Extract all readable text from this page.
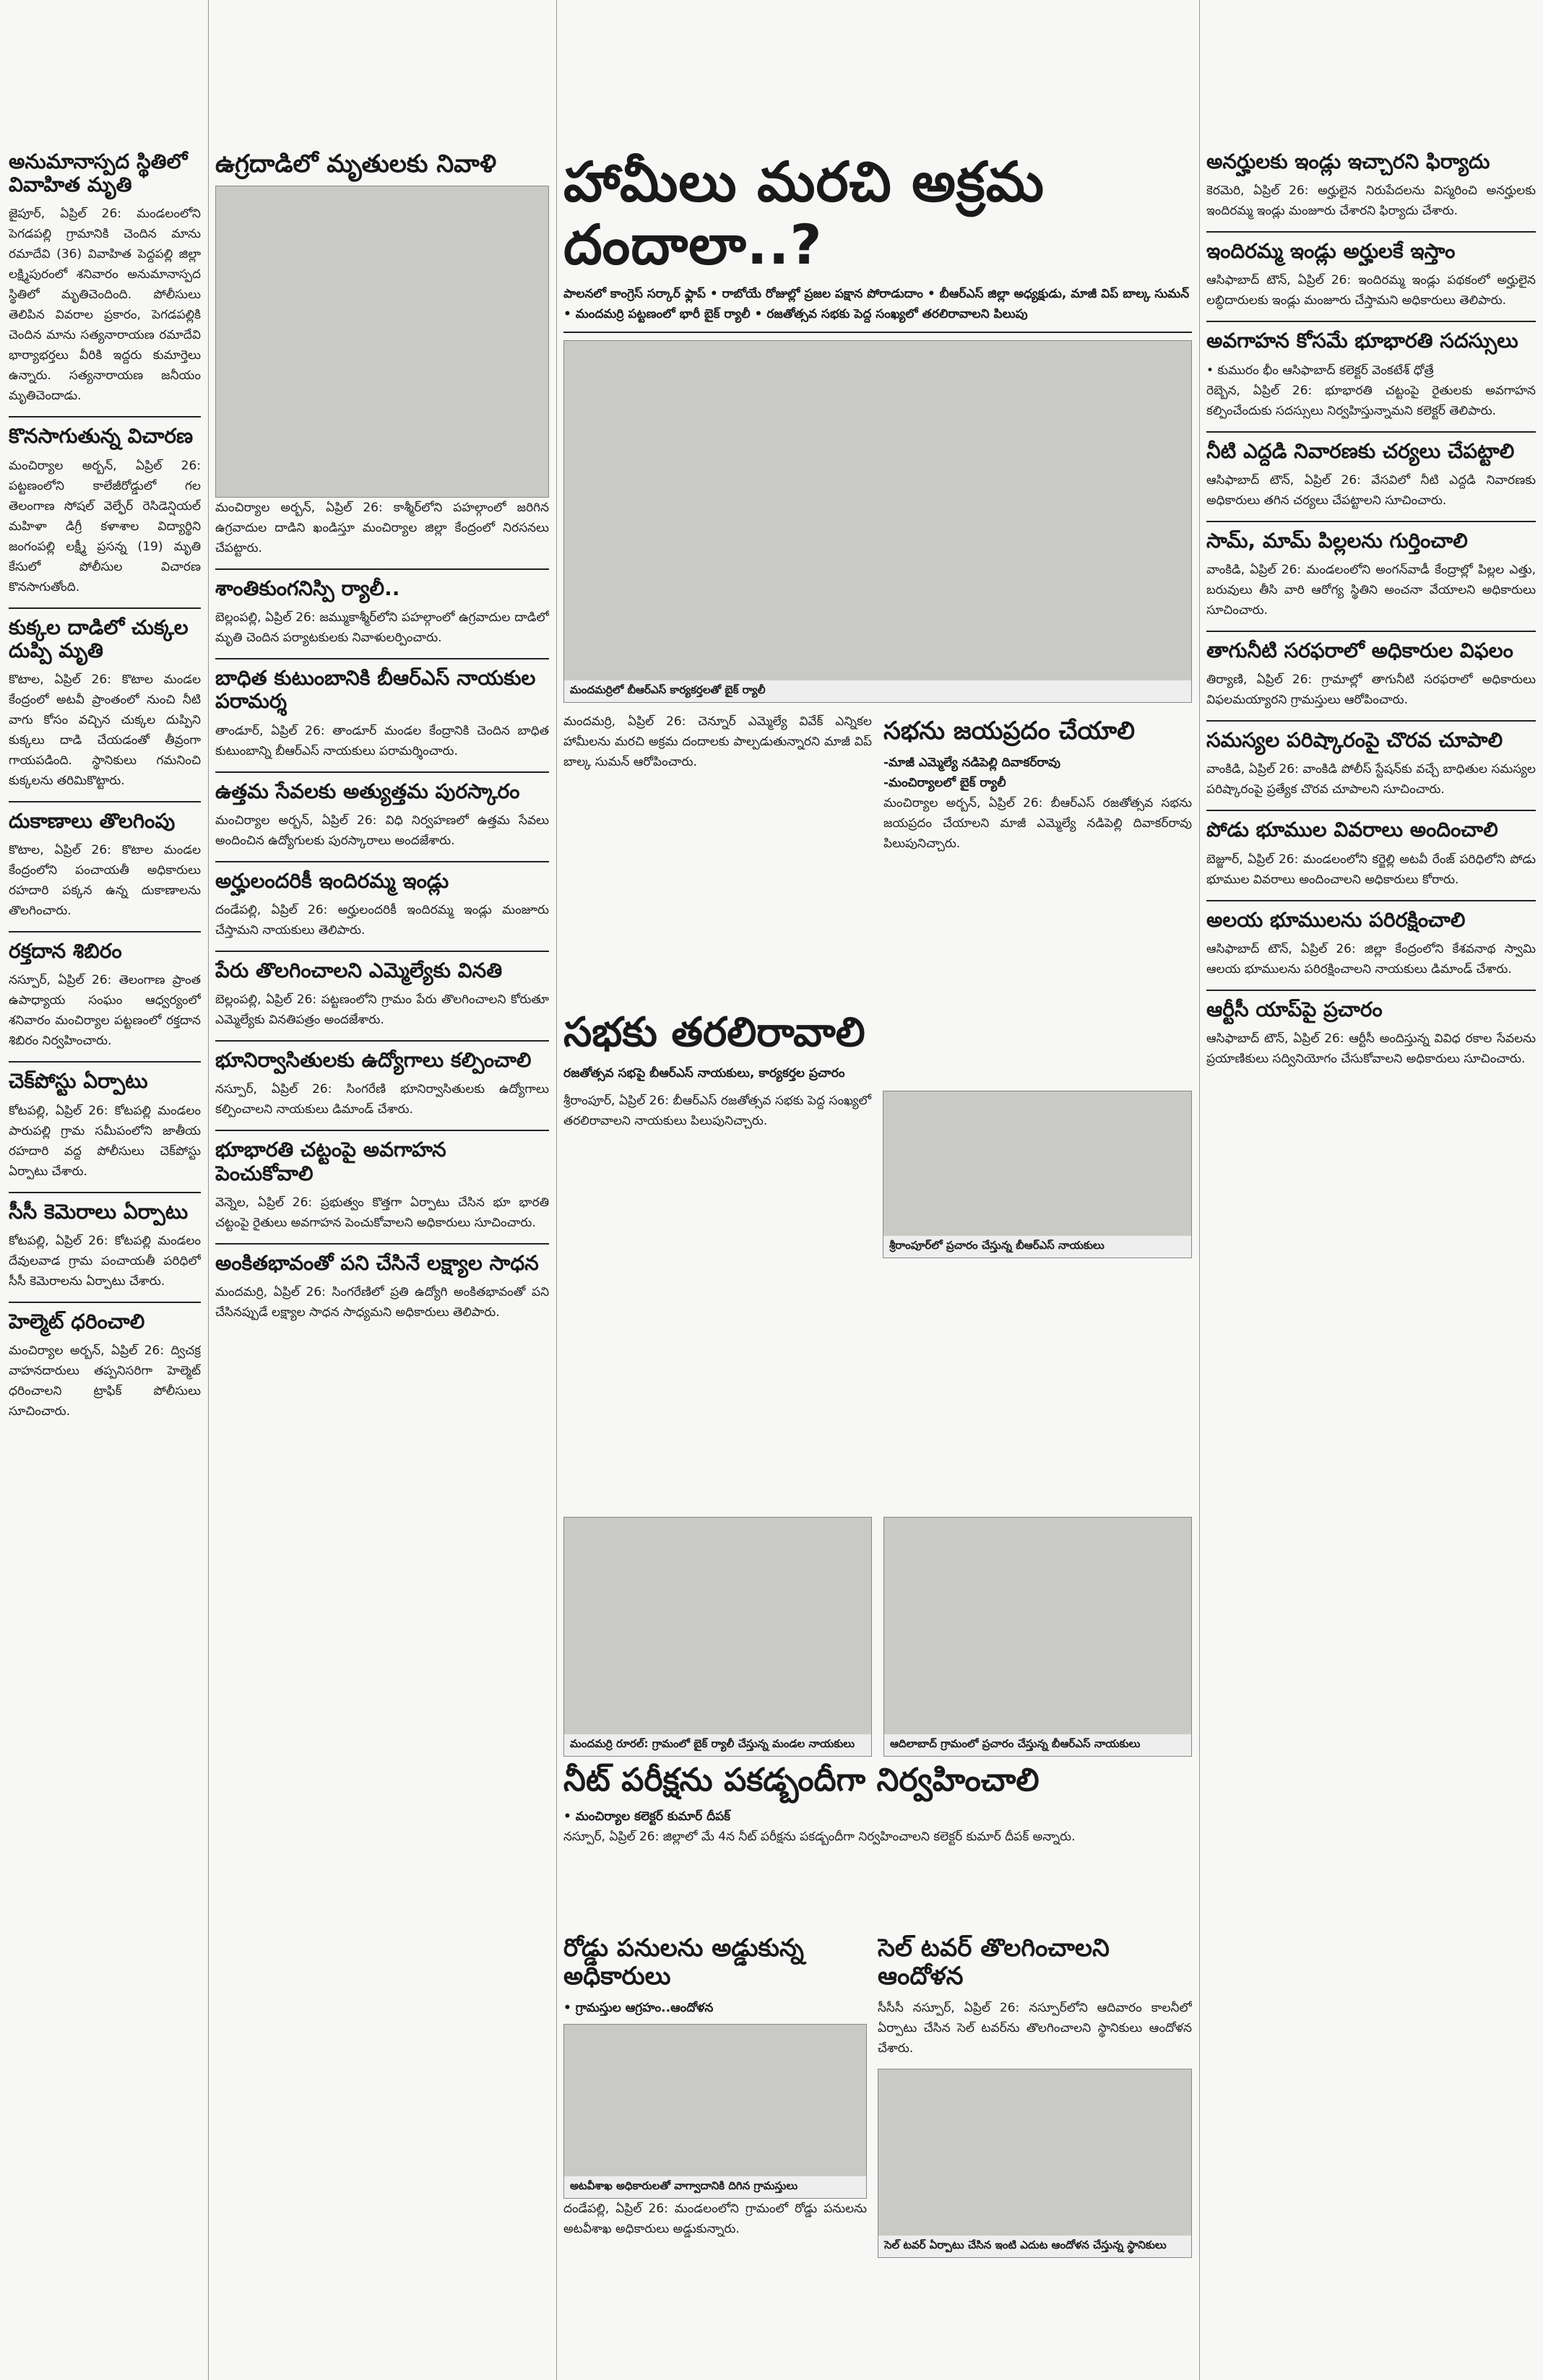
అనుమానాస్పద స్థితిలో వివాహిత మృతి

జైపూర్, ఏప్రిల్ 26: మండలంలోని పెగడపల్లి గ్రామానికి చెందిన మాను రమాదేవి (36) వివాహిత పెద్దపల్లి జిల్లా లక్ష్మిపురంలో శనివారం అనుమానాస్పద స్థితిలో మృతిచెందింది. పోలీసులు తెలిపిన వివరాల ప్రకారం, పెగడపల్లికి చెందిన మాను సత్యనారాయణ రమాదేవి భార్యాభర్తలు వీరికి ఇద్దరు కుమార్తెలు ఉన్నారు. సత్యనారాయణ జనీయం మృతిచెందాడు.

కొనసాగుతున్న విచారణ

మంచిర్యాల అర్బన్, ఏప్రిల్ 26: పట్టణంలోని కాలేజీరోడ్డులో గల తెలంగాణ సోషల్ వెల్ఫేర్ రెసిడెన్షియల్ మహిళా డిగ్రీ కళాశాల విద్యార్థిని జంగంపల్లి లక్ష్మీ ప్రసన్న (19) మృతి కేసులో పోలీసుల విచారణ కొనసాగుతోంది.

కుక్కల దాడిలో చుక్కల దుప్పి మృతి

కొటాల, ఏప్రిల్ 26: కొటాల మండల కేంద్రంలో అటవీ ప్రాంతంలో నుంచి నీటి వాగు కోసం వచ్చిన చుక్కల దుప్పిని కుక్కలు దాడి చేయడంతో తీవ్రంగా గాయపడింది. స్థానికులు గమనించి కుక్కలను తరిమికొట్టారు.

దుకాణాలు తొలగింపు

కొటాల, ఏప్రిల్ 26: కొటాల మండల కేంద్రంలోని పంచాయతీ అధికారులు రహదారి పక్కన ఉన్న దుకాణాలను తొలగించారు.

రక్తదాన శిబిరం

నస్పూర్, ఏప్రిల్ 26: తెలంగాణ ప్రాంత ఉపాధ్యాయ సంఘం ఆధ్వర్యంలో శనివారం మంచిర్యాల పట్టణంలో రక్తదాన శిబిరం నిర్వహించారు.

చెక్‌పోస్టు ఏర్పాటు

కోటపల్లి, ఏప్రిల్ 26: కోటపల్లి మండలం పారుపల్లి గ్రామ సమీపంలోని జాతీయ రహదారి వద్ద పోలీసులు చెక్‌పోస్టు ఏర్పాటు చేశారు.

సీసీ కెమెరాలు ఏర్పాటు

కోటపల్లి, ఏప్రిల్ 26: కోటపల్లి మండలం దేవులవాడ గ్రామ పంచాయతీ పరిధిలో సీసీ కెమెరాలను ఏర్పాటు చేశారు.

హెల్మెట్ ధరించాలి

మంచిర్యాల అర్బన్, ఏప్రిల్ 26: ద్విచక్ర వాహనదారులు తప్పనిసరిగా హెల్మెట్ ధరించాలని ట్రాఫిక్ పోలీసులు సూచించారు.

ఉగ్రదాడిలో మృతులకు నివాళి

మంచిర్యాల అర్బన్, ఏప్రిల్ 26: కాశ్మీర్‌లోని పహల్గాంలో జరిగిన ఉగ్రవాదుల దాడిని ఖండిస్తూ మంచిర్యాల జిల్లా కేంద్రంలో నిరసనలు చేపట్టారు.

శాంతికుంగనిస్పి ర్యాలీ..

బెల్లంపల్లి, ఏప్రిల్ 26: జమ్ముకాశ్మీర్‌లోని పహల్గాంలో ఉగ్రవాదుల దాడిలో మృతి చెందిన పర్యాటకులకు నివాళులర్పించారు.

బాధిత కుటుంబానికి బీఆర్ఎస్ నాయకుల పరామర్శ

తాండూర్, ఏప్రిల్ 26: తాండూర్ మండల కేంద్రానికి చెందిన బాధిత కుటుంబాన్ని బీఆర్ఎస్ నాయకులు పరామర్శించారు.

ఉత్తమ సేవలకు అత్యుత్తమ పురస్కారం

మంచిర్యాల అర్బన్, ఏప్రిల్ 26: విధి నిర్వహణలో ఉత్తమ సేవలు అందించిన ఉద్యోగులకు పురస్కారాలు అందజేశారు.

అర్హులందరికీ ఇందిరమ్మ ఇండ్లు

దండేపల్లి, ఏప్రిల్ 26: అర్హులందరికీ ఇందిరమ్మ ఇండ్లు మంజూరు చేస్తామని నాయకులు తెలిపారు.

పేరు తొలగించాలని ఎమ్మెల్యేకు వినతి

బెల్లంపల్లి, ఏప్రిల్ 26: పట్టణంలోని గ్రామం పేరు తొలగించాలని కోరుతూ ఎమ్మెల్యేకు వినతిపత్రం అందజేశారు.

భూనిర్వాసితులకు ఉద్యోగాలు కల్పించాలి

నస్పూర్, ఏప్రిల్ 26: సింగరేణి భూనిర్వాసితులకు ఉద్యోగాలు కల్పించాలని నాయకులు డిమాండ్ చేశారు.

భూభారతి చట్టంపై అవగాహన పెంచుకోవాలి

వెన్నెల, ఏప్రిల్ 26: ప్రభుత్వం కొత్తగా ఏర్పాటు చేసిన భూ భారతి చట్టంపై రైతులు అవగాహన పెంచుకోవాలని అధికారులు సూచించారు.

అంకితభావంతో పని చేసినే లక్ష్యాల సాధన

మందమర్రి, ఏప్రిల్ 26: సింగరేణిలో ప్రతి ఉద్యోగి అంకితభావంతో పని చేసినప్పుడే లక్ష్యాల సాధన సాధ్యమని అధికారులు తెలిపారు.

హామీలు మరచి అక్రమ దందాలా..?
పాలనలో కాంగ్రెస్ సర్కార్ ఫ్లాప్ • రాబోయే రోజుల్లో ప్రజల పక్షాన పోరాడుదాం • బీఆర్ఎస్ జిల్లా అధ్యక్షుడు, మాజీ విప్ బాల్క సుమన్ • మందమర్రి పట్టణంలో భారీ బైక్ ర్యాలీ • రజతోత్సవ సభకు పెద్ద సంఖ్యలో తరలిరావాలని పిలుపు
మందమర్రిలో బీఆర్ఎస్ కార్యకర్తలతో బైక్ ర్యాలీ

మందమర్రి, ఏప్రిల్ 26: చెన్నూర్ ఎమ్మెల్యే వివేక్ ఎన్నికల హామీలను మరచి అక్రమ దందాలకు పాల్పడుతున్నారని మాజీ విప్ బాల్క సుమన్ ఆరోపించారు.

సభను జయప్రదం చేయాలి
-మాజీ ఎమ్మెల్యే నడిపెల్లి దివాకర్‌రావు
-మంచిర్యాలలో బైక్ ర్యాలీ

మంచిర్యాల అర్బన్, ఏప్రిల్ 26: బీఆర్ఎస్ రజతోత్సవ సభను జయప్రదం చేయాలని మాజీ ఎమ్మెల్యే నడిపెల్లి దివాకర్‌రావు పిలుపునిచ్చారు.

సభకు తరలిరావాలి
రజతోత్సవ సభపై బీఆర్ఎస్ నాయకులు, కార్యకర్తల ప్రచారం

శ్రీరాంపూర్, ఏప్రిల్ 26: బీఆర్ఎస్ రజతోత్సవ సభకు పెద్ద సంఖ్యలో తరలిరావాలని నాయకులు పిలుపునిచ్చారు.

శ్రీరాంపూర్‌లో ప్రచారం చేస్తున్న బీఆర్ఎస్ నాయకులు
మందమర్రి రూరల్: గ్రామంలో బైక్ ర్యాలీ చేస్తున్న మండల నాయకులు	ఆదిలాబాద్ గ్రామంలో ప్రచారం చేస్తున్న బీఆర్ఎస్ నాయకులు
నీట్ పరీక్షను పకడ్బందీగా నిర్వహించాలి
• మంచిర్యాల కలెక్టర్ కుమార్ దీపక్

నస్పూర్, ఏప్రిల్ 26: జిల్లాలో మే 4న నీట్ పరీక్షను పకడ్బందీగా నిర్వహించాలని కలెక్టర్ కుమార్ దీపక్ అన్నారు.

రోడ్డు పనులను అడ్డుకున్న అధికారులు
• గ్రామస్తుల ఆగ్రహం..ఆందోళన
అటవీశాఖ అధికారులతో వాగ్వాదానికి దిగిన గ్రామస్తులు

దండేపల్లి, ఏప్రిల్ 26: మండలంలోని గ్రామంలో రోడ్డు పనులను అటవీశాఖ అధికారులు అడ్డుకున్నారు.

సెల్ టవర్ తొలగించాలని ఆందోళన

సీసీసీ నస్పూర్, ఏప్రిల్ 26: నస్పూర్‌లోని ఆదివారం కాలనీలో ఏర్పాటు చేసిన సెల్ టవర్‌ను తొలగించాలని స్థానికులు ఆందోళన చేశారు.

సెల్ టవర్ ఏర్పాటు చేసిన ఇంటి ఎదుట ఆందోళన చేస్తున్న స్థానికులు
అనర్హులకు ఇండ్లు ఇచ్చారని ఫిర్యాదు

కెరమెరి, ఏప్రిల్ 26: అర్హులైన నిరుపేదలను విస్మరించి అనర్హులకు ఇందిరమ్మ ఇండ్లు మంజూరు చేశారని ఫిర్యాదు చేశారు.

ఇందిరమ్మ ఇండ్లు అర్హులకే ఇస్తాం

ఆసిఫాబాద్ టౌన్, ఏప్రిల్ 26: ఇందిరమ్మ ఇండ్లు పథకంలో అర్హులైన లబ్ధిదారులకు ఇండ్లు మంజూరు చేస్తామని అధికారులు తెలిపారు.

అవగాహన కోసమే భూభారతి సదస్సులు

• కుమురం భీం ఆసిఫాబాద్ కలెక్టర్ వెంకటేశ్ ధోత్రే
రెబ్బెన, ఏప్రిల్ 26: భూభారతి చట్టంపై రైతులకు అవగాహన కల్పించేందుకు సదస్సులు నిర్వహిస్తున్నామని కలెక్టర్ తెలిపారు.

నీటి ఎద్దడి నివారణకు చర్యలు చేపట్టాలి

ఆసిఫాబాద్ టౌన్, ఏప్రిల్ 26: వేసవిలో నీటి ఎద్దడి నివారణకు అధికారులు తగిన చర్యలు చేపట్టాలని సూచించారు.

సామ్, మామ్ పిల్లలను గుర్తించాలి

వాంకిడి, ఏప్రిల్ 26: మండలంలోని అంగన్‌వాడీ కేంద్రాల్లో పిల్లల ఎత్తు, బరువులు తీసి వారి ఆరోగ్య స్థితిని అంచనా వేయాలని అధికారులు సూచించారు.

తాగునీటి సరఫరాలో అధికారుల విఫలం

తిర్యాణి, ఏప్రిల్ 26: గ్రామాల్లో తాగునీటి సరఫరాలో అధికారులు విఫలమయ్యారని గ్రామస్తులు ఆరోపించారు.

సమస్యల పరిష్కారంపై చొరవ చూపాలి

వాంకిడి, ఏప్రిల్ 26: వాంకిడి పోలీస్ స్టేషన్‌కు వచ్చే బాధితుల సమస్యల పరిష్కారంపై ప్రత్యేక చొరవ చూపాలని సూచించారు.

పోడు భూముల వివరాలు అందించాలి

బెజ్జూర్, ఏప్రిల్ 26: మండలంలోని కర్జెల్లి అటవీ రేంజ్ పరిధిలోని పోడు భూముల వివరాలు అందించాలని అధికారులు కోరారు.

అలయ భూములను పరిరక్షించాలి

ఆసిఫాబాద్ టౌన్, ఏప్రిల్ 26: జిల్లా కేంద్రంలోని కేశవనాథ స్వామి ఆలయ భూములను పరిరక్షించాలని నాయకులు డిమాండ్ చేశారు.

ఆర్టీసీ యాప్‌పై ప్రచారం

ఆసిఫాబాద్ టౌన్, ఏప్రిల్ 26: ఆర్టీసీ అందిస్తున్న వివిధ రకాల సేవలను ప్రయాణికులు సద్వినియోగం చేసుకోవాలని అధికారులు సూచించారు.
